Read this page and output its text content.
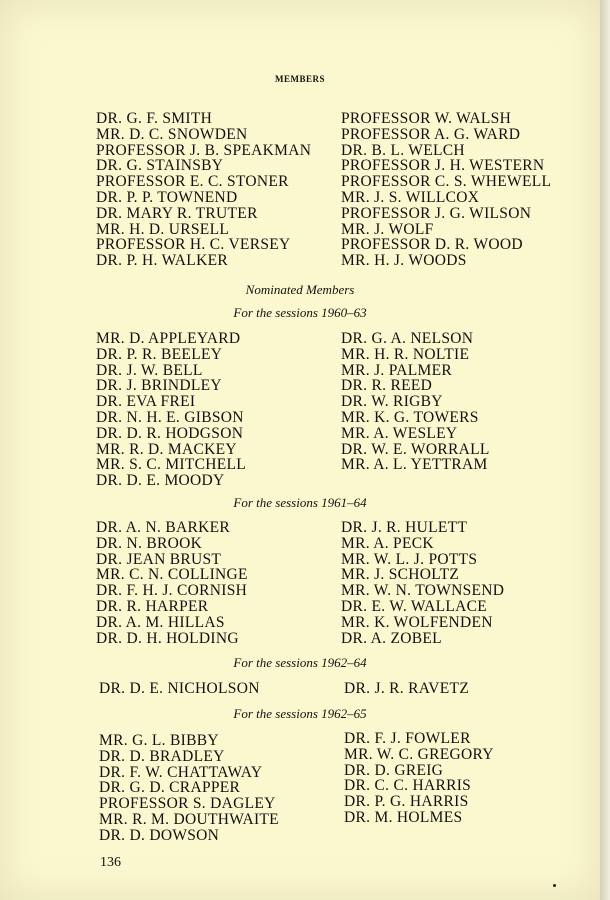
MEMBERS
DR. G. F. SMITH
MR. D. C. SNOWDEN
PROFESSOR J. B. SPEAKMAN
DR. G. STAINSBY
PROFESSOR E. C. STONER
DR. P. P. TOWNEND
DR. MARY R. TRUTER
MR. H. D. URSELL
PROFESSOR H. C. VERSEY
DR. P. H. WALKER
PROFESSOR W. WALSH
PROFESSOR A. G. WARD
DR. B. L. WELCH
PROFESSOR J. H. WESTERN
PROFESSOR C. S. WHEWELL
MR. J. S. WILLCOX
PROFESSOR J. G. WILSON
MR. J. WOLF
PROFESSOR D. R. WOOD
MR. H. J. WOODS
Nominated Members
For the sessions 1960–63
MR. D. APPLEYARD
DR. P. R. BEELEY
DR. J. W. BELL
DR. J. BRINDLEY
DR. EVA FREI
DR. N. H. E. GIBSON
DR. D. R. HODGSON
MR. R. D. MACKEY
MR. S. C. MITCHELL
DR. D. E. MOODY
DR. G. A. NELSON
MR. H. R. NOLTIE
MR. J. PALMER
DR. R. REED
DR. W. RIGBY
MR. K. G. TOWERS
MR. A. WESLEY
DR. W. E. WORRALL
MR. A. L. YETTRAM
For the sessions 1961–64
DR. A. N. BARKER
DR. N. BROOK
DR. JEAN BRUST
MR. C. N. COLLINGE
DR. F. H. J. CORNISH
DR. R. HARPER
DR. A. M. HILLAS
DR. D. H. HOLDING
DR. J. R. HULETT
MR. A. PECK
MR. W. L. J. POTTS
MR. J. SCHOLTZ
MR. W. N. TOWNSEND
DR. E. W. WALLACE
MR. K. WOLFENDEN
DR. A. ZOBEL
For the sessions 1962–64
DR. D. E. NICHOLSON	DR. J. R. RAVETZ
For the sessions 1962–65
MR. G. L. BIBBY
DR. D. BRADLEY
DR. F. W. CHATTAWAY
DR. G. D. CRAPPER
PROFESSOR S. DAGLEY
MR. R. M. DOUTHWAITE
DR. D. DOWSON
DR. F. J. FOWLER
MR. W. C. GREGORY
DR. D. GREIG
DR. C. C. HARRIS
DR. P. G. HARRIS
DR. M. HOLMES
136
